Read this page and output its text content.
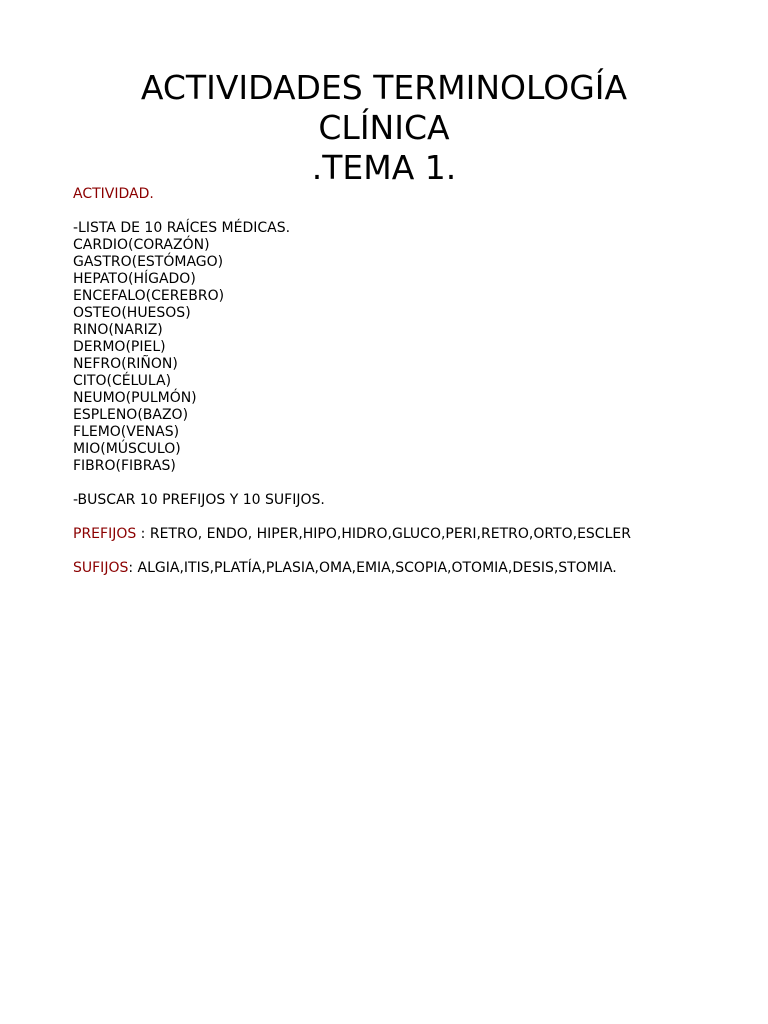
ACTIVIDADES TERMINOLOGÍA
CLÍNICA
.TEMA 1.
ACTIVIDAD.
-LISTA DE 10 RAÍCES MÉDICAS.
CARDIO(CORAZÓN)
GASTRO(ESTÓMAGO)
HEPATO(HÍGADO)
ENCEFALO(CEREBRO)
OSTEO(HUESOS)
RINO(NARIZ)
DERMO(PIEL)
NEFRO(RIÑON)
CITO(CÉLULA)
NEUMO(PULMÓN)
ESPLENO(BAZO)
FLEMO(VENAS)
MIO(MÚSCULO)
FIBRO(FIBRAS)
-BUSCAR 10 PREFIJOS Y 10 SUFIJOS.
PREFIJOS : RETRO, ENDO, HIPER,HIPO,HIDRO,GLUCO,PERI,RETRO,ORTO,ESCLER
SUFIJOS: ALGIA,ITIS,PLATÍA,PLASIA,OMA,EMIA,SCOPIA,OTOMIA,DESIS,STOMIA.
